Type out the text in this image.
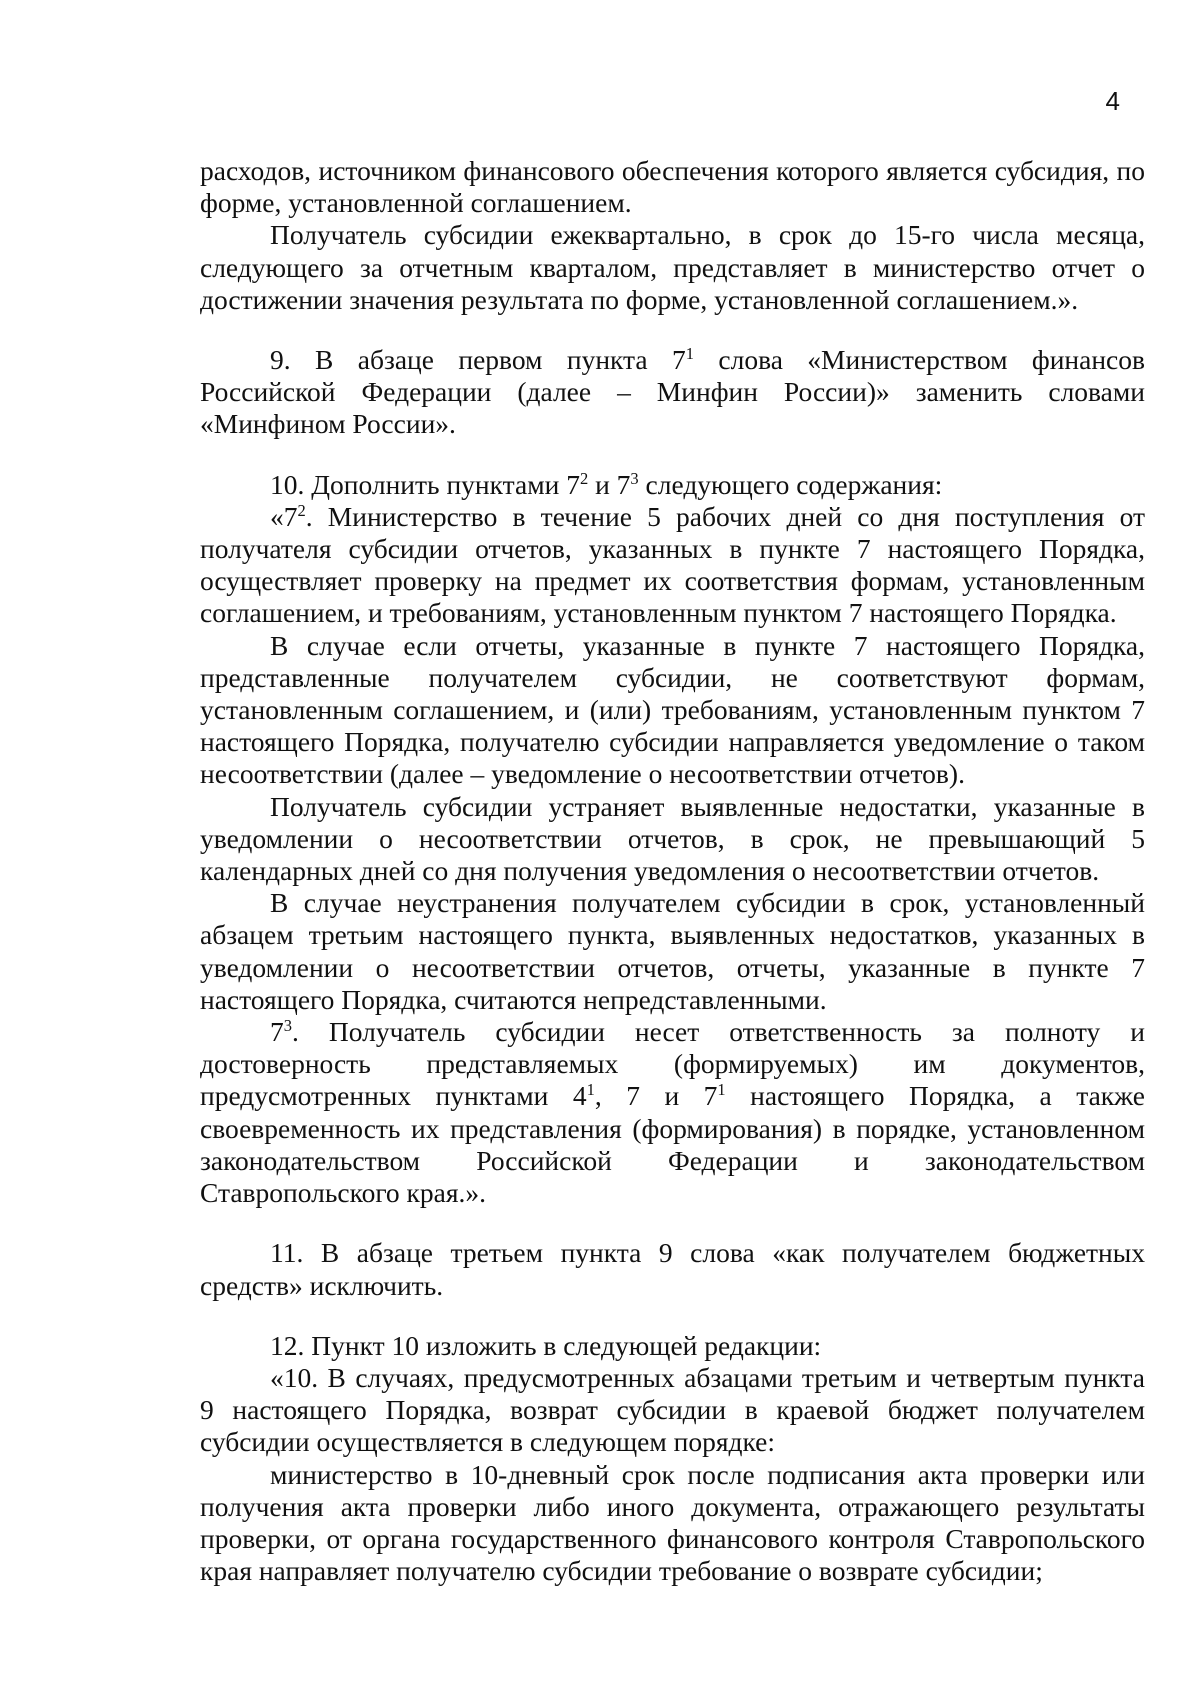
4

расходов, источником финансового обеспечения которого является субсидия, по форме, установленной соглашением.

Получатель субсидии ежеквартально, в срок до 15-го числа месяца, следующего за отчетным кварталом, представляет в министерство отчет о достижении значения результата по форме, установленной соглашением.».

9. В абзаце первом пункта $7^1$ слова «Министерством финансов Российской Федерации (далее – Минфин России)» заменить словами «Минфином России».

10. Дополнить пунктами $7^2$ и $7^3$ следующего содержания:

«$7^2$. Министерство в течение 5 рабочих дней со дня поступления от получателя субсидии отчетов, указанных в пункте 7 настоящего Порядка, осуществляет проверку на предмет их соответствия формам, установленным соглашением, и требованиям, установленным пунктом 7 настоящего Порядка.

В случае если отчеты, указанные в пункте 7 настоящего Порядка, представленные получателем субсидии, не соответствуют формам, установленным соглашением, и (или) требованиям, установленным пунктом 7 настоящего Порядка, получателю субсидии направляется уведомление о таком несоответствии (далее – уведомление о несоответствии отчетов).

Получатель субсидии устраняет выявленные недостатки, указанные в уведомлении о несоответствии отчетов, в срок, не превышающий 5 календарных дней со дня получения уведомления о несоответствии отчетов.

В случае неустранения получателем субсидии в срок, установленный абзацем третьим настоящего пункта, выявленных недостатков, указанных в уведомлении о несоответствии отчетов, отчеты, указанные в пункте 7 настоящего Порядка, считаются непредставленными.

$7^3$. Получатель субсидии несет ответственность за полноту и достоверность представляемых (формируемых) им документов, предусмотренных пунктами $4^1$, 7 и $7^1$ настоящего Порядка, а также своевременность их представления (формирования) в порядке, установленном законодательством Российской Федерации и законодательством Ставропольского края.».

11. В абзаце третьем пункта 9 слова «как получателем бюджетных средств» исключить.

12. Пункт 10 изложить в следующей редакции:

«10. В случаях, предусмотренных абзацами третьим и четвертым пункта 9 настоящего Порядка, возврат субсидии в краевой бюджет получателем субсидии осуществляется в следующем порядке:

министерство в 10-дневный срок после подписания акта проверки или получения акта проверки либо иного документа, отражающего результаты проверки, от органа государственного финансового контроля Ставропольского края направляет получателю субсидии требование о возврате субсидии;
